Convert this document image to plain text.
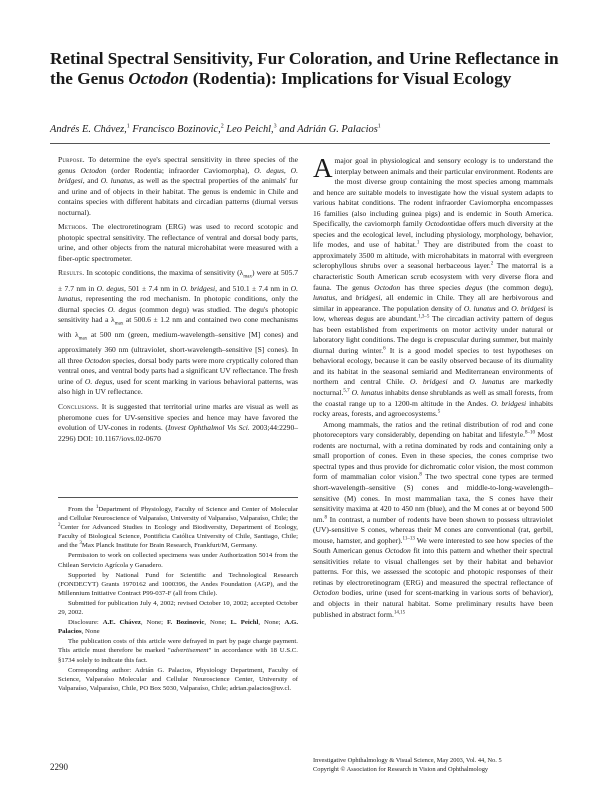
Retinal Spectral Sensitivity, Fur Coloration, and Urine Reflectance in the Genus Octodon (Rodentia): Implications for Visual Ecology
Andrés E. Chávez,$^1$ Francisco Bozinovic,$^2$ Leo Peichl,$^3$ and Adrián G. Palacios$^1$

Purpose. To determine the eye's spectral sensitivity in three species of the genus Octodon (order Rodentia; infraorder Caviomorpha), O. degus, O. bridgesi, and O. lunatus, as well as the spectral properties of the animals' fur and urine and of objects in their habitat. The genus is endemic in Chile and contains species with different habitats and circadian patterns (diurnal versus nocturnal).

Methods. The electroretinogram (ERG) was used to record scotopic and photopic spectral sensitivity. The reflectance of ventral and dorsal body parts, urine, and other objects from the natural microhabitat were measured with a fiber-optic spectrometer.

Results. In scotopic conditions, the maxima of sensitivity $(\lambda_{max})$ were at 505.7 ± 7.7 nm in O. degus, 501 ± 7.4 nm in O. bridgesi, and 510.1 ± 7.4 nm in O. lunatus, representing the rod mechanism. In photopic conditions, only the diurnal species O. degus (common degu) was studied. The degu's photopic sensitivity had a $\lambda_{max}$ at 500.6 ± 1.2 nm and contained two cone mechanisms with $\lambda_{max}$ at 500 nm (green, medium-wavelength–sensitive [M] cones) and approximately 360 nm (ultraviolet, short-wavelength–sensitive [S] cones). In all three Octodon species, dorsal body parts were more cryptically colored than ventral ones, and ventral body parts had a significant UV reflectance. The fresh urine of O. degus, used for scent marking in various behavioral patterns, was also high in UV reflectance.

Conclusions. It is suggested that territorial urine marks are visual as well as pheromone cues for UV-sensitive species and hence may have favored the evolution of UV-cones in rodents. (Invest Ophthalmol Vis Sci. 2003;44:2290–2296) DOI: 10.1167/iovs.02-0670

From the $^1$Department of Physiology, Faculty of Science and Center of Molecular and Cellular Neuroscience of Valparaíso, University of Valparaíso, Valparaíso, Chile; the $^2$Center for Advanced Studies in Ecology and Biodiversity, Department of Ecology, Faculty of Biological Science, Pontificia Católica University of Chile, Santiago, Chile; and the $^3$Max Planck Institute for Brain Research, Frankfurt/M, Germany.

Permission to work on collected specimens was under Authorization 5014 from the Chilean Servicio Agrícola y Ganadero.

Supported by National Fund for Scientific and Technological Research (FONDECYT) Grants 1970162 and 1000396, the Andes Foundation (AGP), and the Millennium Initiative Contract P99-037-F (all from Chile).

Submitted for publication July 4, 2002; revised October 10, 2002; accepted October 29, 2002.

Disclosure: A.E. Chávez, None; F. Bozinovic, None; L. Peichl, None; A.G. Palacios, None

The publication costs of this article were defrayed in part by page charge payment. This article must therefore be marked "advertisement" in accordance with 18 U.S.C. §1734 solely to indicate this fact.

Corresponding author: Adrián G. Palacios, Physiology Department, Faculty of Science, Valparaíso Molecular and Cellular Neuroscience Center, University of Valparaíso, Valparaíso, Chile, PO Box 5030, Valparaíso, Chile; adrian.palacios@uv.cl.

A major goal in physiological and sensory ecology is to understand the interplay between animals and their particular environment. Rodents are the most diverse group containing the most species among mammals and hence are suitable models to investigate how the visual system adapts to various habitat conditions. The rodent infraorder Caviomorpha encompasses 16 families (also including guinea pigs) and is endemic in South America. Specifically, the caviomorph family Octodontidae offers much diversity at the species and the ecological level, including physiology, morphology, behavior, life modes, and use of habitat.$^1$ They are distributed from the coast to approximately 3500 m altitude, with microhabitats in matorral with evergreen sclerophyllous shrubs over a seasonal herbaceous layer.$^2$ The matorral is a characteristic South American scrub ecosystem with very diverse flora and fauna. The genus Octodon has three species degus (the common degu), lunatus, and bridgesi, all endemic in Chile. They all are herbivorous and similar in appearance. The population density of O. lunatus and O. bridgesi is low, whereas degus are abundant.$^{1,3-5}$ The circadian activity pattern of degus has been established from experiments on motor activity under natural or laboratory light conditions. The degu is crepuscular during summer, but mainly diurnal during winter.$^6$ It is a good model species to test hypotheses on behavioral ecology, because it can be easily observed because of its diurnality and its habitat in the seasonal semiarid and Mediterranean environments of northern and central Chile. O. bridgesi and O. lunatus are markedly nocturnal.$^{5,7}$ O. lunatus inhabits dense shrublands as well as small forests, from the coastal range up to a 1200-m altitude in the Andes. O. bridgesi inhabits rocky areas, forests, and agroecosystems.$^5$

Among mammals, the ratios and the retinal distribution of rod and cone photoreceptors vary considerably, depending on habitat and lifestyle.$^{8-10}$ Most rodents are nocturnal, with a retina dominated by rods and containing only a small proportion of cones. Even in these species, the cones comprise two spectral types and thus provide for dichromatic color vision, the most common form of mammalian color vision.$^8$ The two spectral cone types are termed short-wavelength–sensitive (S) cones and middle-to-long-wavelength–sensitive (M) cones. In most mammalian taxa, the S cones have their sensitivity maxima at 420 to 450 nm (blue), and the M cones at or beyond 500 nm.$^8$ In contrast, a number of rodents have been shown to possess ultraviolet (UV)-sensitive S cones, whereas their M cones are conventional (rat, gerbil, mouse, hamster, and gopher).$^{11-13}$ We were interested to see how species of the South American genus Octodon fit into this pattern and whether their spectral sensitivities relate to visual challenges set by their habitat and behavior patterns. For this, we assessed the scotopic and photopic responses of their retinas by electroretinogram (ERG) and measured the spectral reflectance of Octodon bodies, urine (used for scent-marking in various sorts of behavior), and objects in their natural habitat. Some preliminary results have been published in abstract form.$^{14,15}$

2290
Investigative Ophthalmology & Visual Science, May 2003, Vol. 44, No. 5
Copyright © Association for Research in Vision and Ophthalmology
